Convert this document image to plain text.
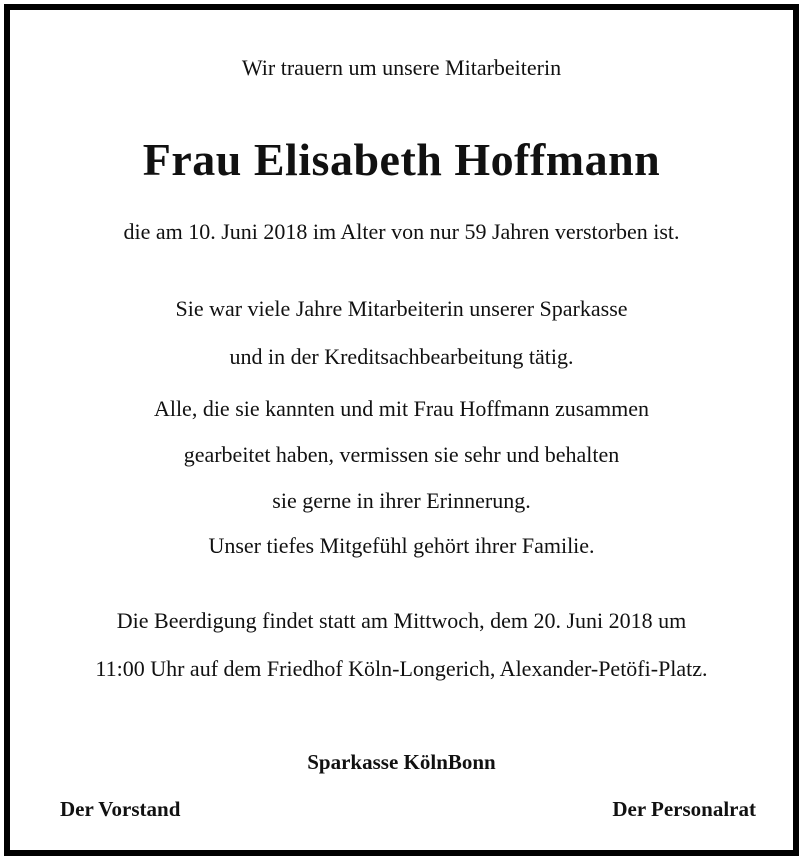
Wir trauern um unsere Mitarbeiterin
Frau Elisabeth Hoffmann
die am 10. Juni 2018 im Alter von nur 59 Jahren verstorben ist.
Sie war viele Jahre Mitarbeiterin unserer Sparkasse
und in der Kreditsachbearbeitung tätig.
Alle, die sie kannten und mit Frau Hoffmann zusammen
gearbeitet haben, vermissen sie sehr und behalten
sie gerne in ihrer Erinnerung.
Unser tiefes Mitgefühl gehört ihrer Familie.
Die Beerdigung findet statt am Mittwoch, dem 20. Juni 2018 um
11:00 Uhr auf dem Friedhof Köln-Longerich, Alexander-Petöfi-Platz.
Sparkasse KölnBonn
Der Vorstand	Der Personalrat
